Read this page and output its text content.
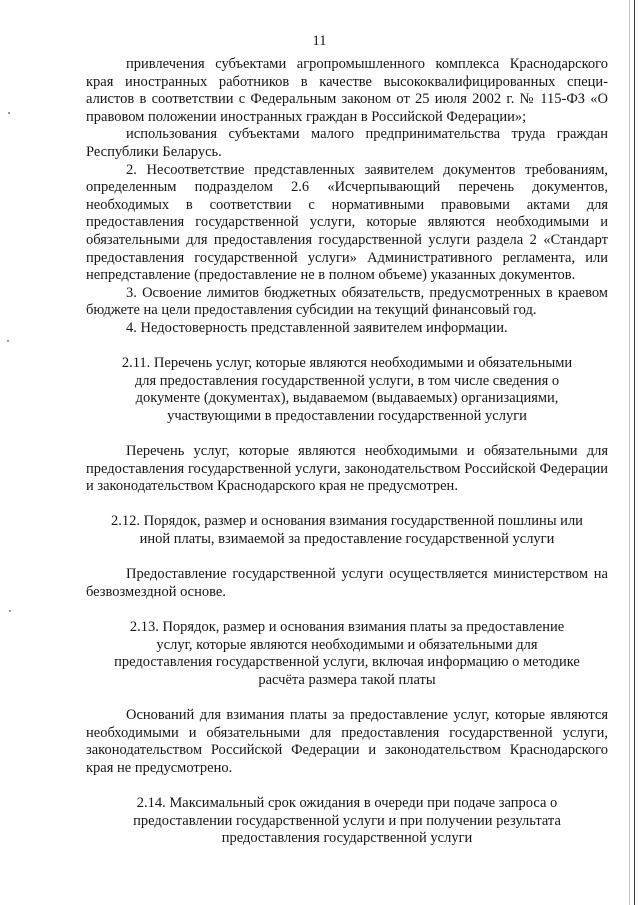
11

привлечения субъектами агропромышленного комплекса Краснодарского края иностранных работников в качестве высококвалифицированных специ-алистов в соответствии с Федеральным законом от 25 июля 2002 г. № 115-ФЗ «О правовом положении иностранных граждан в Российской Федерации»;

использования субъектами малого предпринимательства труда граждан Республики Беларусь.

2. Несоответствие представленных заявителем документов требованиям, определенным подразделом 2.6 «Исчерпывающий перечень документов, необходимых в соответствии с нормативными правовыми актами для предоставления государственной услуги, которые являются необходимыми и обязательными для предоставления государственной услуги раздела 2 «Стандарт предоставления государственной услуги» Административного регламента, или непредставление (предоставление не в полном объеме) указанных документов.

3. Освоение лимитов бюджетных обязательств, предусмотренных в краевом бюджете на цели предоставления субсидии на текущий финансовый год.

4. Недостоверность представленной заявителем информации.

2.11. Перечень услуг, которые являются необходимыми и обязательными для предоставления государственной услуги, в том числе сведения о документе (документах), выдаваемом (выдаваемых) организациями, участвующими в предоставлении государственной услуги

Перечень услуг, которые являются необходимыми и обязательными для предоставления государственной услуги, законодательством Российской Федерации и законодательством Краснодарского края не предусмотрен.

2.12. Порядок, размер и основания взимания государственной пошлины или иной платы, взимаемой за предоставление государственной услуги

Предоставление государственной услуги осуществляется министерством на безвозмездной основе.

2.13. Порядок, размер и основания взимания платы за предоставление услуг, которые являются необходимыми и обязательными для предоставления государственной услуги, включая информацию о методике расчёта размера такой платы

Оснований для взимания платы за предоставление услуг, которые являются необходимыми и обязательными для предоставления государственной услуги, законодательством Российской Федерации и законодательством Краснодарского края не предусмотрено.

2.14. Максимальный срок ожидания в очереди при подаче запроса о предоставлении государственной услуги и при получении результата предоставления государственной услуги
